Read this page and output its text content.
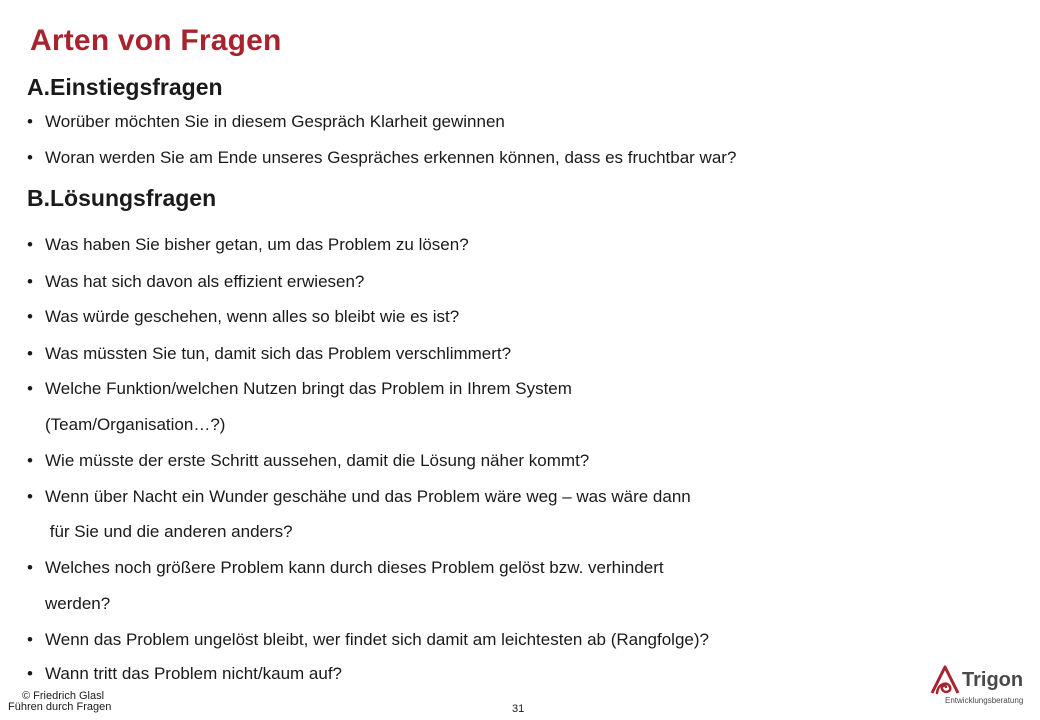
Arten von Fragen
A.Einstiegsfragen
• Worüber möchten Sie in diesem Gespräch Klarheit gewinnen
• Woran werden Sie am Ende unseres Gespräches erkennen können, dass es fruchtbar war?
B.Lösungsfragen
• Was haben Sie bisher getan, um das Problem zu lösen?
• Was hat sich davon als effizient erwiesen?
• Was würde geschehen, wenn alles so bleibt wie es ist?
• Was müssten Sie tun, damit sich das Problem verschlimmert?
• Welche Funktion/welchen Nutzen bringt das Problem in Ihrem System
(Team/Organisation…?)
• Wie müsste der erste Schritt aussehen, damit die Lösung näher kommt?
• Wenn über Nacht ein Wunder geschähe und das Problem wäre weg – was wäre dann
für Sie und die anderen anders?
• Welches noch größere Problem kann durch dieses Problem gelöst bzw. verhindert
werden?
• Wenn das Problem ungelöst bleibt, wer findet sich damit am leichtesten ab (Rangfolge)?
• Wann tritt das Problem nicht/kaum auf?
© Friedrich Glasl
Führen durch Fragen	31
Trigon
Entwicklungsberatung
